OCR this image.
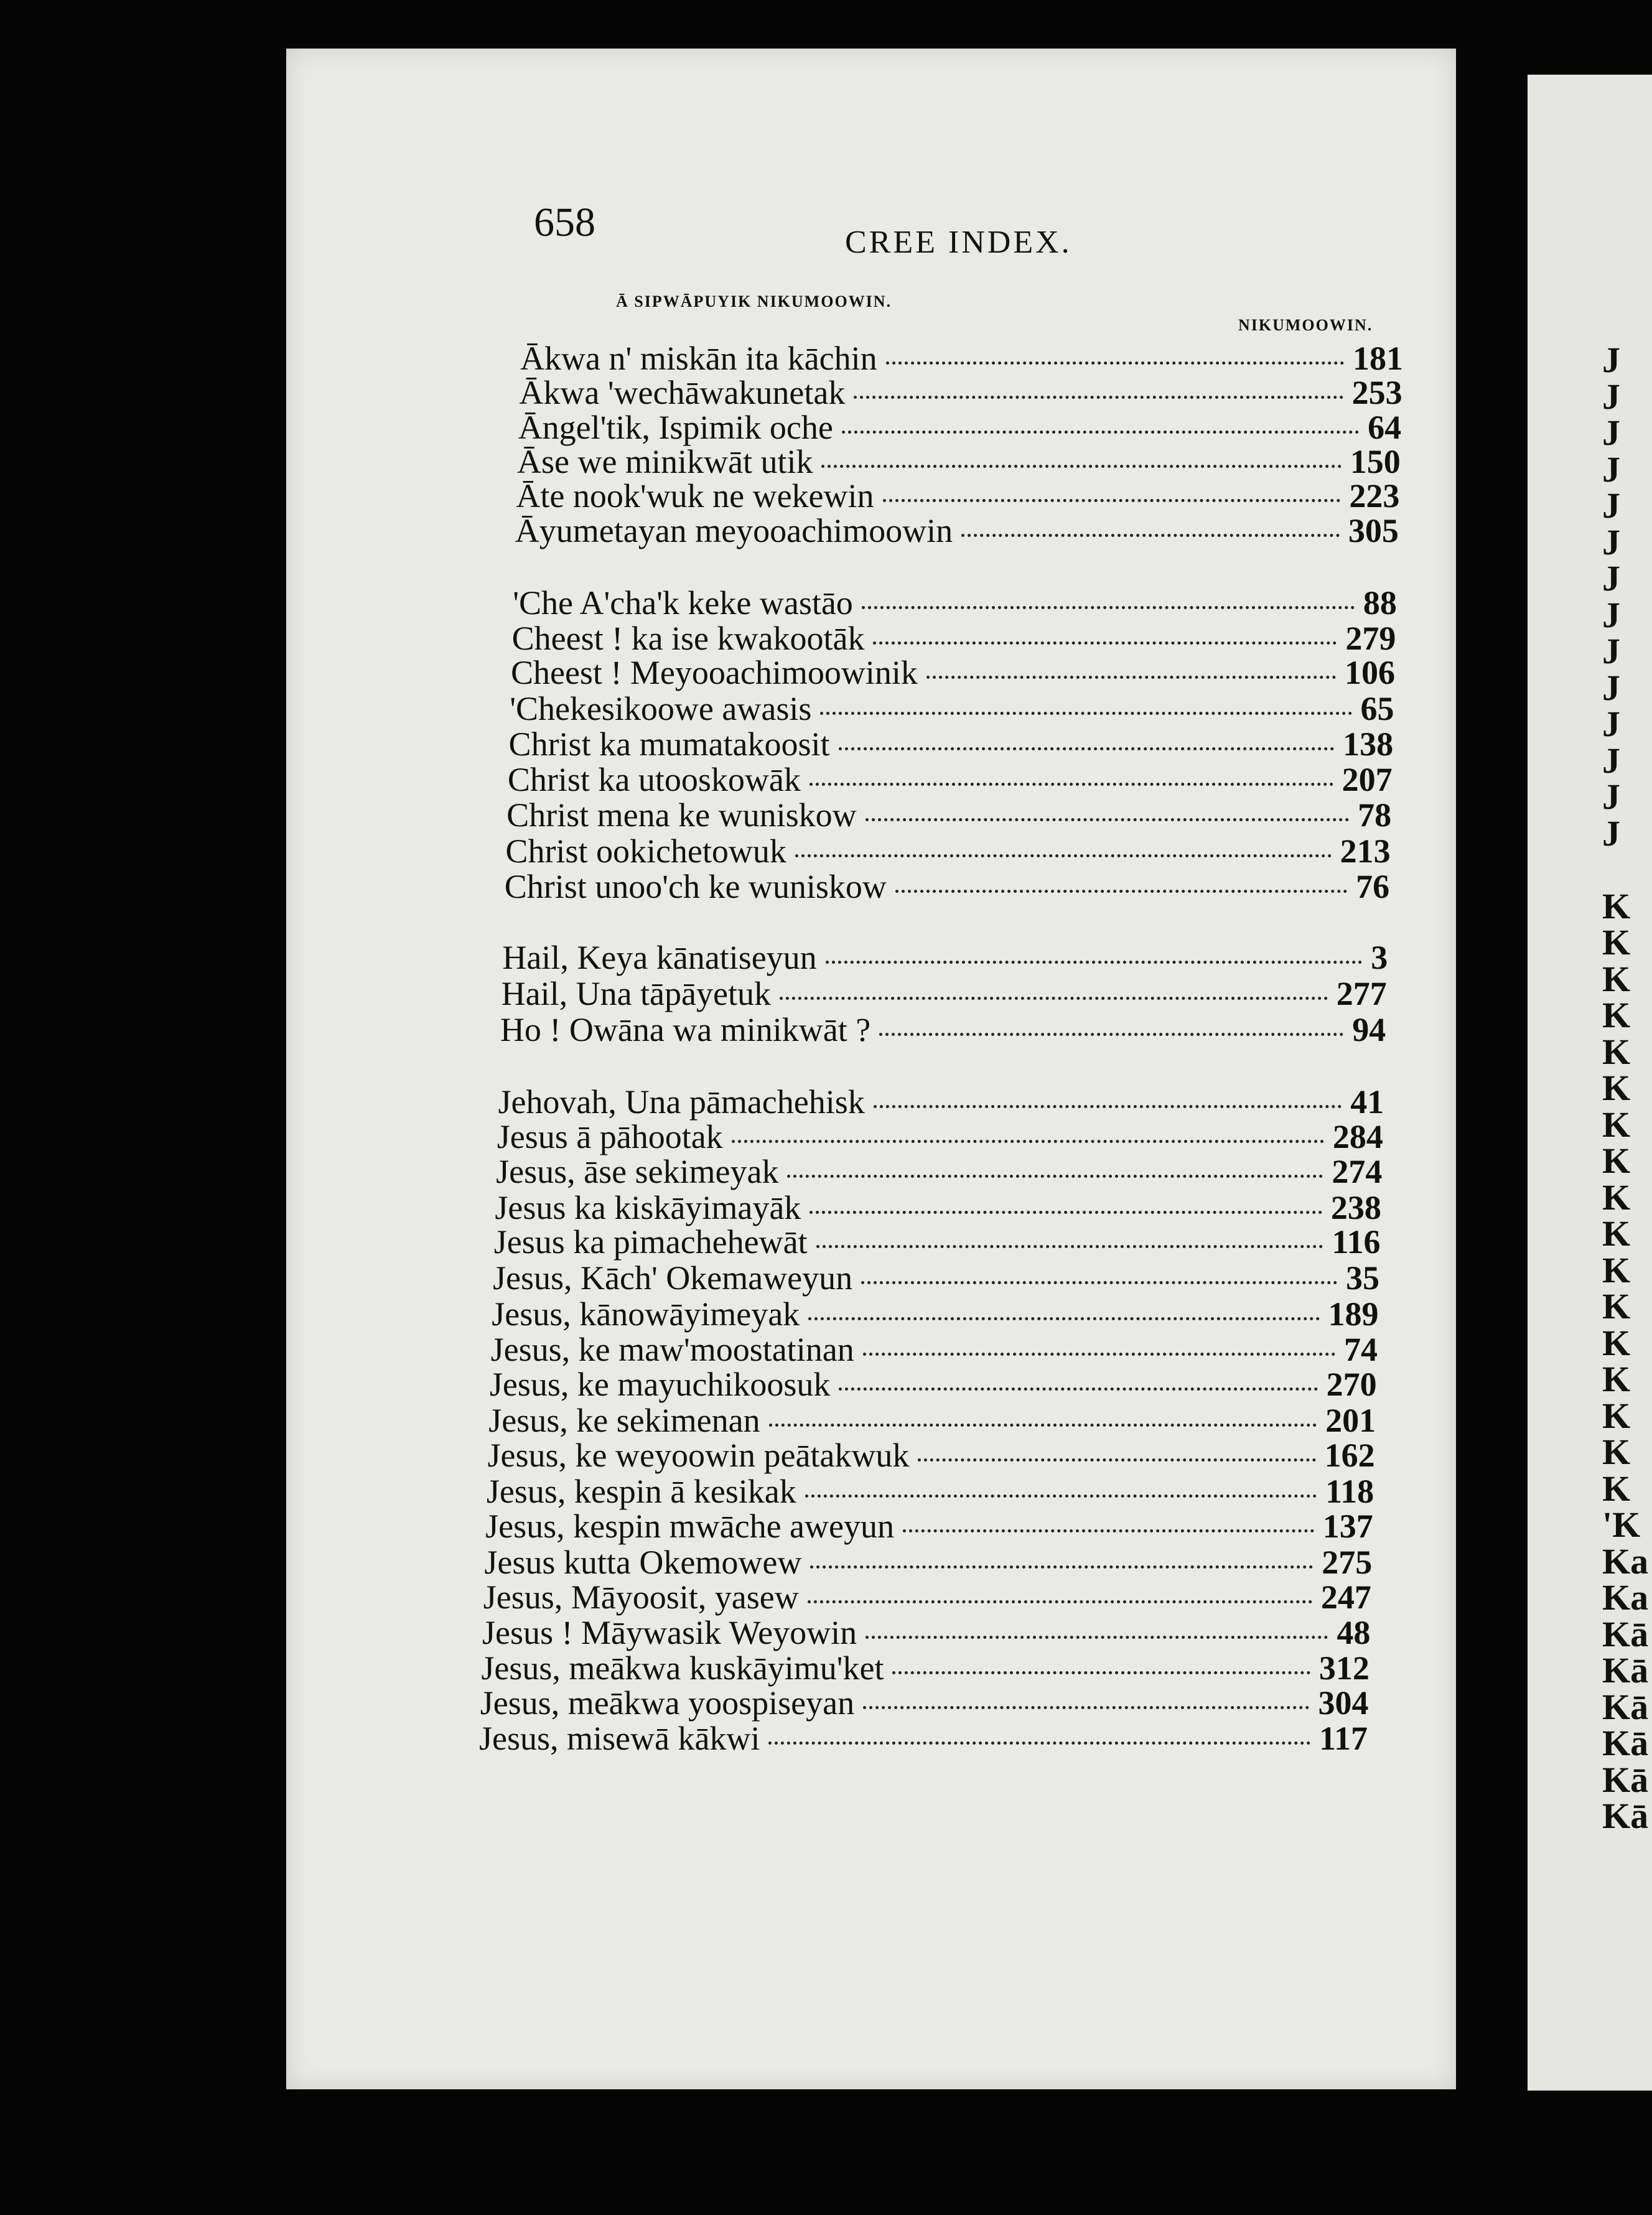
J
J
J
J
J
J
J
J
J
J
J
J
J
J

K
K
K
K
K
K
K
K
K
K
K
K
K
K
K
K
K
'K
Ka
Ka
Kā
Kā
Kā
Kā
Kā
Kā
658	CREE INDEX.
Ā SIPWĀPUYIK NIKUMOOWIN.
NIKUMOOWIN.
Ākwa n' miskān ita kāchin	181
Ākwa 'wechāwakunetak	253
Āngel'tik, Ispimik oche	64
Āse we minikwāt utik	150
Āte nook'wuk ne wekewin	223
Āyumetayan meyooachimoowin	305
'Che A'cha'k keke wastāo	88
Cheest ! ka ise kwakootāk	279
Cheest ! Meyooachimoowinik	106
'Chekesikoowe awasis	65
Christ ka mumatakoosit	138
Christ ka utooskowāk	207
Christ mena ke wuniskow	78
Christ ookichetowuk	213
Christ unoo'ch ke wuniskow	76
Hail, Keya kānatiseyun	3
Hail, Una tāpāyetuk	277
Ho ! Owāna wa minikwāt ?	94
Jehovah, Una pāmachehisk	41
Jesus ā pāhootak	284
Jesus, āse sekimeyak	274
Jesus ka kiskāyimayāk	238
Jesus ka pimachehewāt	116
Jesus, Kāch' Okemaweyun	35
Jesus, kānowāyimeyak	189
Jesus, ke maw'moostatinan	74
Jesus, ke mayuchikoosuk	270
Jesus, ke sekimenan	201
Jesus, ke weyoowin peātakwuk	162
Jesus, kespin ā kesikak	118
Jesus, kespin mwāche aweyun	137
Jesus kutta Okemowew	275
Jesus, Māyoosit, yasew	247
Jesus ! Māywasik Weyowin	48
Jesus, meākwa kuskāyimu'ket	312
Jesus, meākwa yoospiseyan	304
Jesus, misewā kākwi	117
